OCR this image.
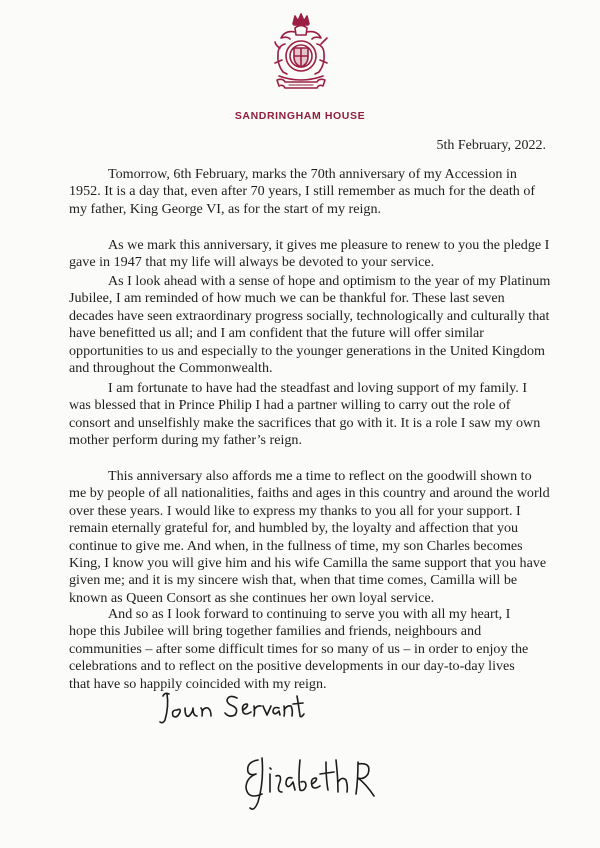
SANDRINGHAM HOUSE
5th February, 2022.

Tomorrow, 6th February, marks the 70th anniversary of my Accession in 1952. It is a day that, even after 70 years, I still remember as much for the death of my father, King George VI, as for the start of my reign.

As we mark this anniversary, it gives me pleasure to renew to you the pledge I gave in 1947 that my life will always be devoted to your service.

As I look ahead with a sense of hope and optimism to the year of my Platinum Jubilee, I am reminded of how much we can be thankful for. These last seven decades have seen extraordinary progress socially, technologically and culturally that have benefitted us all; and I am confident that the future will offer similar opportunities to us and especially to the younger generations in the United Kingdom and throughout the Commonwealth.

I am fortunate to have had the steadfast and loving support of my family. I was blessed that in Prince Philip I had a partner willing to carry out the role of consort and unselfishly make the sacrifices that go with it. It is a role I saw my own mother perform during my father’s reign.

This anniversary also affords me a time to reflect on the goodwill shown to me by people of all nationalities, faiths and ages in this country and around the world over these years. I would like to express my thanks to you all for your support. I remain eternally grateful for, and humbled by, the loyalty and affection that you continue to give me. And when, in the fullness of time, my son Charles becomes King, I know you will give him and his wife Camilla the same support that you have given me; and it is my sincere wish that, when that time comes, Camilla will be known as Queen Consort as she continues her own loyal service.

And so as I look forward to continuing to serve you with all my heart, I hope this Jubilee will bring together families and friends, neighbours and communities – after some difficult times for so many of us – in order to enjoy the celebrations and to reflect on the positive developments in our day-to-day lives that have so happily coincided with my reign.
